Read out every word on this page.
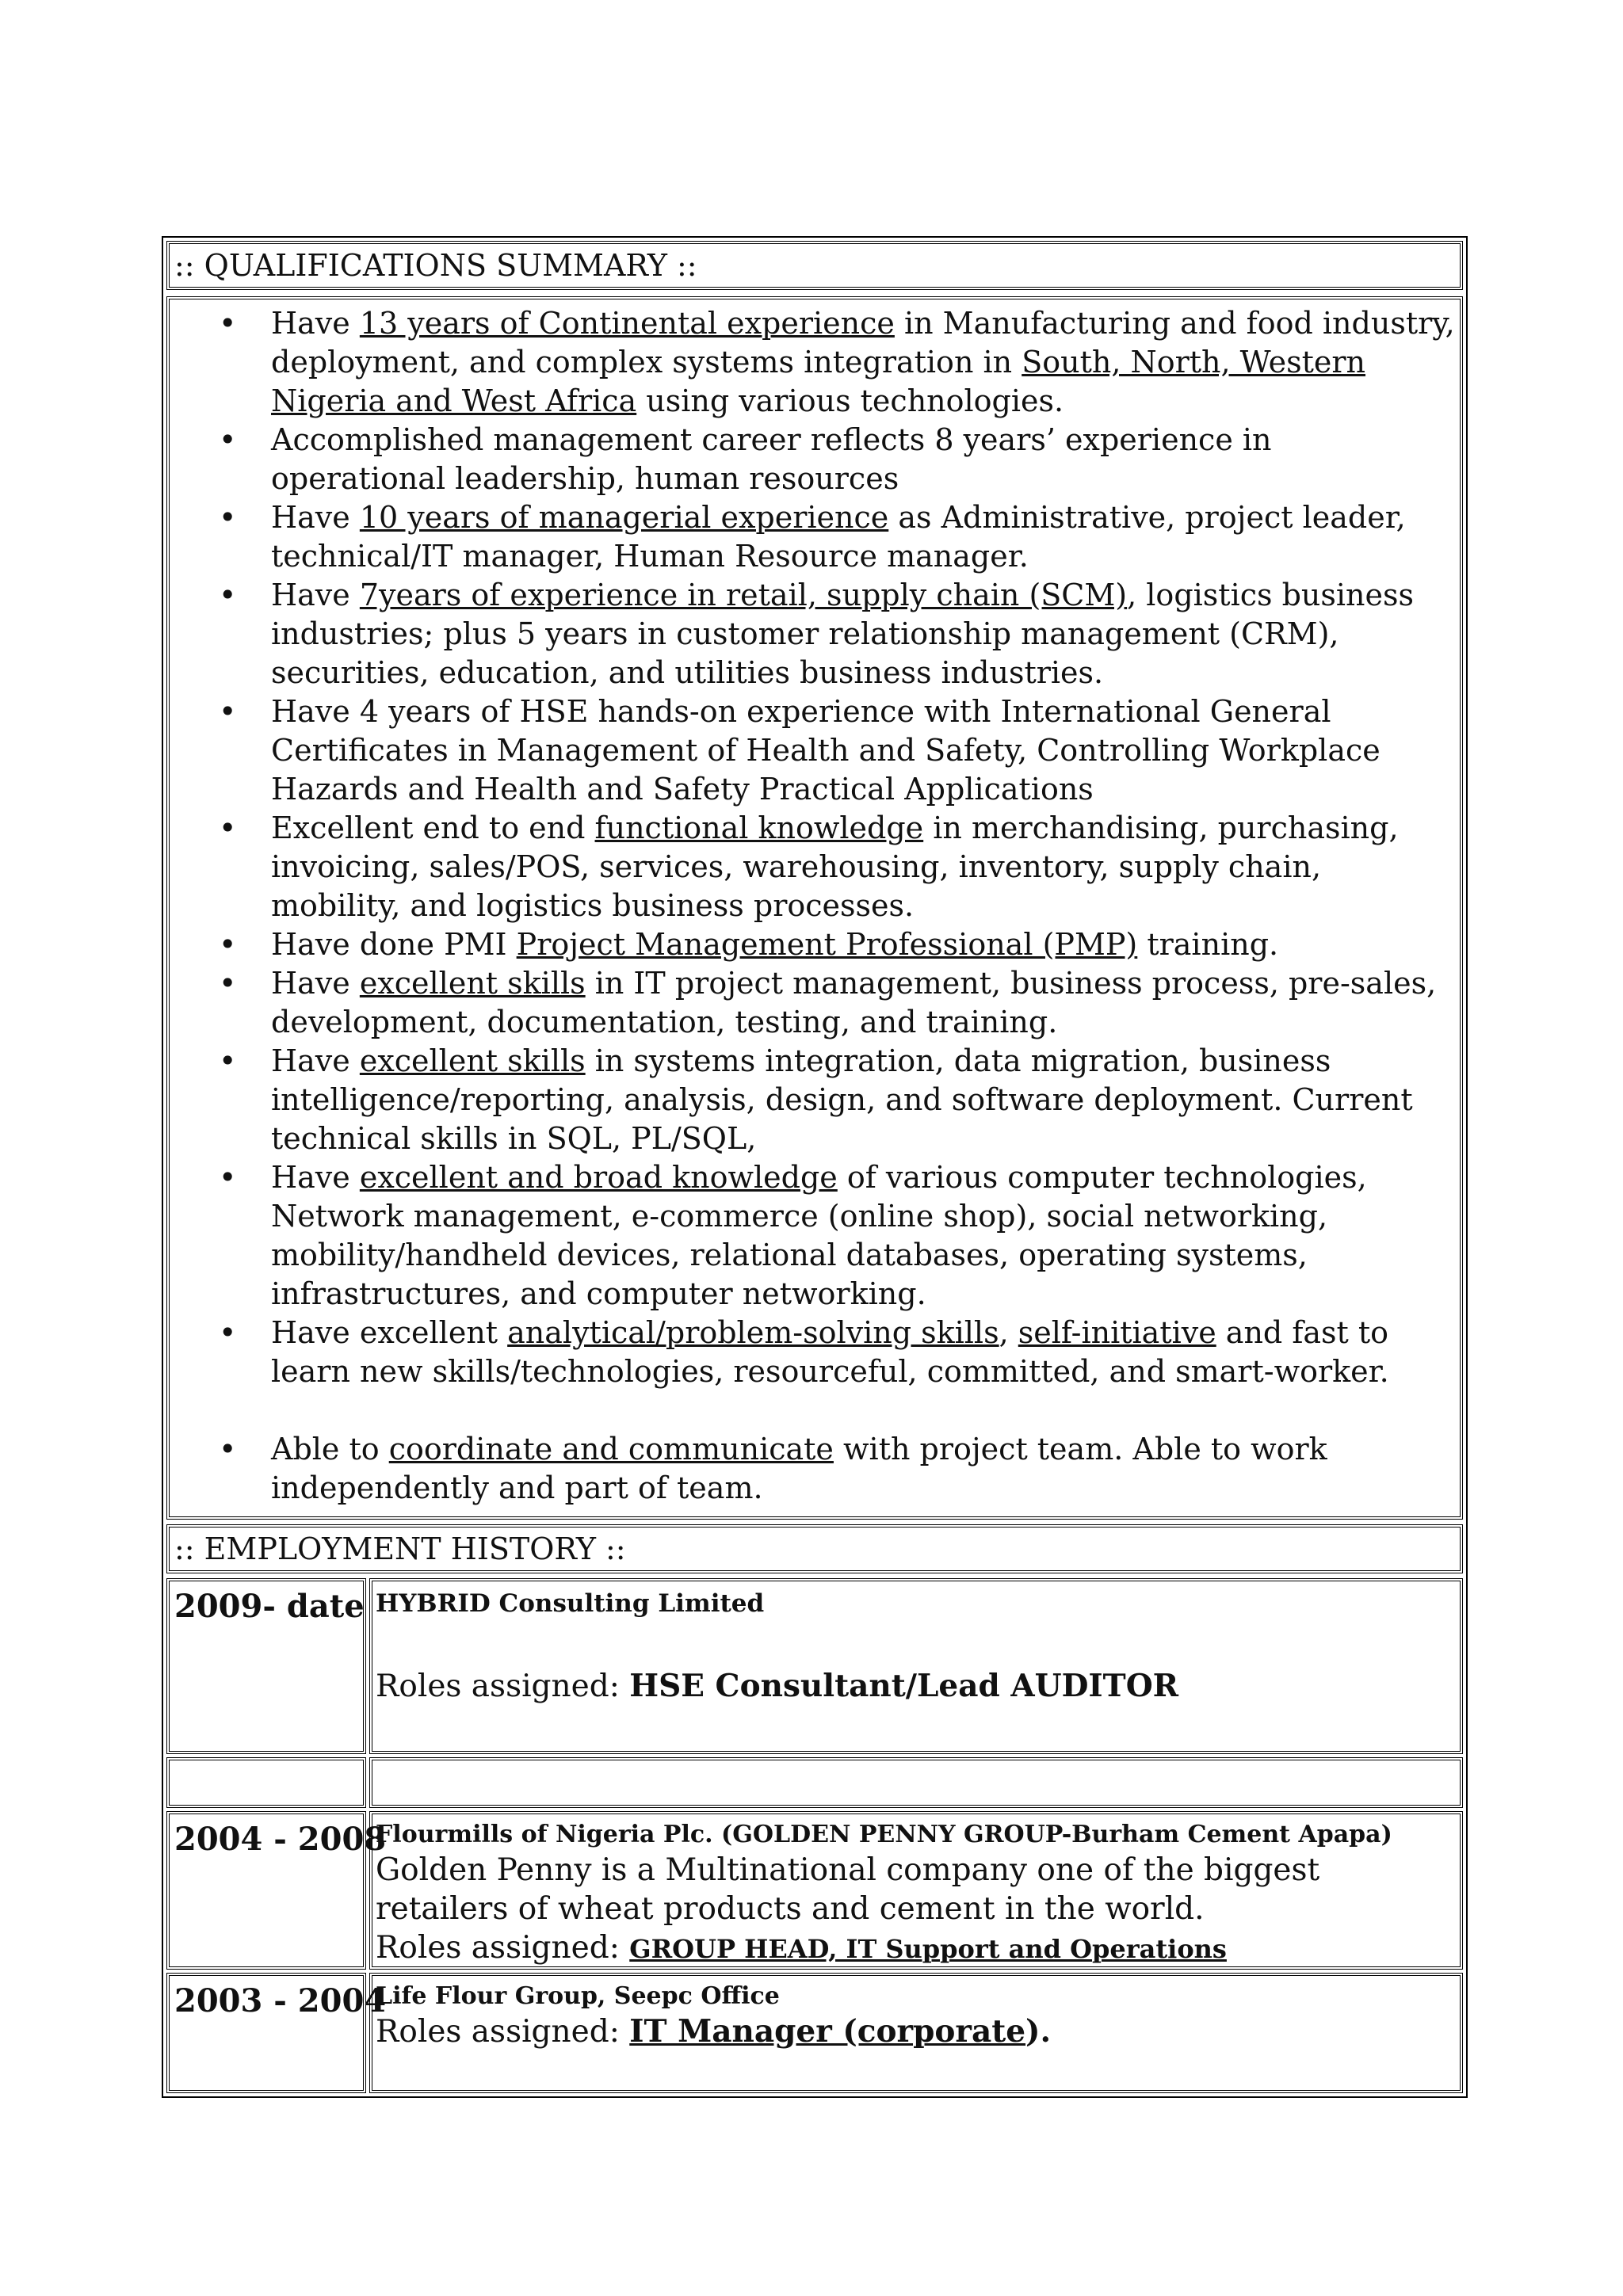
:: QUALIFICATIONS SUMMARY ::
• Have 13 years of Continental experience in Manufacturing and food industry, deployment, and complex systems integration in South, North, Western Nigeria and West Africa using various technologies.
• Accomplished management career reflects 8 years’ experience in operational leadership, human resources
• Have 10 years of managerial experience as Administrative, project leader, technical/IT manager, Human Resource manager.
• Have 7years of experience in retail, supply chain (SCM), logistics business industries; plus 5 years in customer relationship management (CRM), securities, education, and utilities business industries.
• Have 4 years of HSE hands-on experience with International General Certificates in Management of Health and Safety, Controlling Workplace Hazards and Health and Safety Practical Applications
• Excellent end to end functional knowledge in merchandising, purchasing, invoicing, sales/POS, services, warehousing, inventory, supply chain, mobility, and logistics business processes.
• Have done PMI Project Management Professional (PMP) training.
• Have excellent skills in IT project management, business process, pre-sales, development, documentation, testing, and training.
• Have excellent skills in systems integration, data migration, business intelligence/reporting, analysis, design, and software deployment. Current technical skills in SQL, PL/SQL,
• Have excellent and broad knowledge of various computer technologies, Network management, e-commerce (online shop), social networking, mobility/handheld devices, relational databases, operating systems, infrastructures, and computer networking.
• Have excellent analytical/problem-solving skills, self-initiative and fast to learn new skills/technologies, resourceful, committed, and smart-worker.
• Able to coordinate and communicate with project team. Able to work independently and part of team.
:: EMPLOYMENT HISTORY ::
2009- date HYBRID Consulting Limited
Roles assigned: HSE Consultant/Lead AUDITOR
2004 - 2008
Flourmills of Nigeria Plc. (GOLDEN PENNY GROUP-Burham Cement Apapa)
Golden Penny is a Multinational company one of the biggest retailers of wheat products and cement in the world.
Roles assigned: GROUP HEAD, IT Support and Operations
2003 - 2004
Life Flour Group, Seepc Office
Roles assigned: IT Manager (corporate).
